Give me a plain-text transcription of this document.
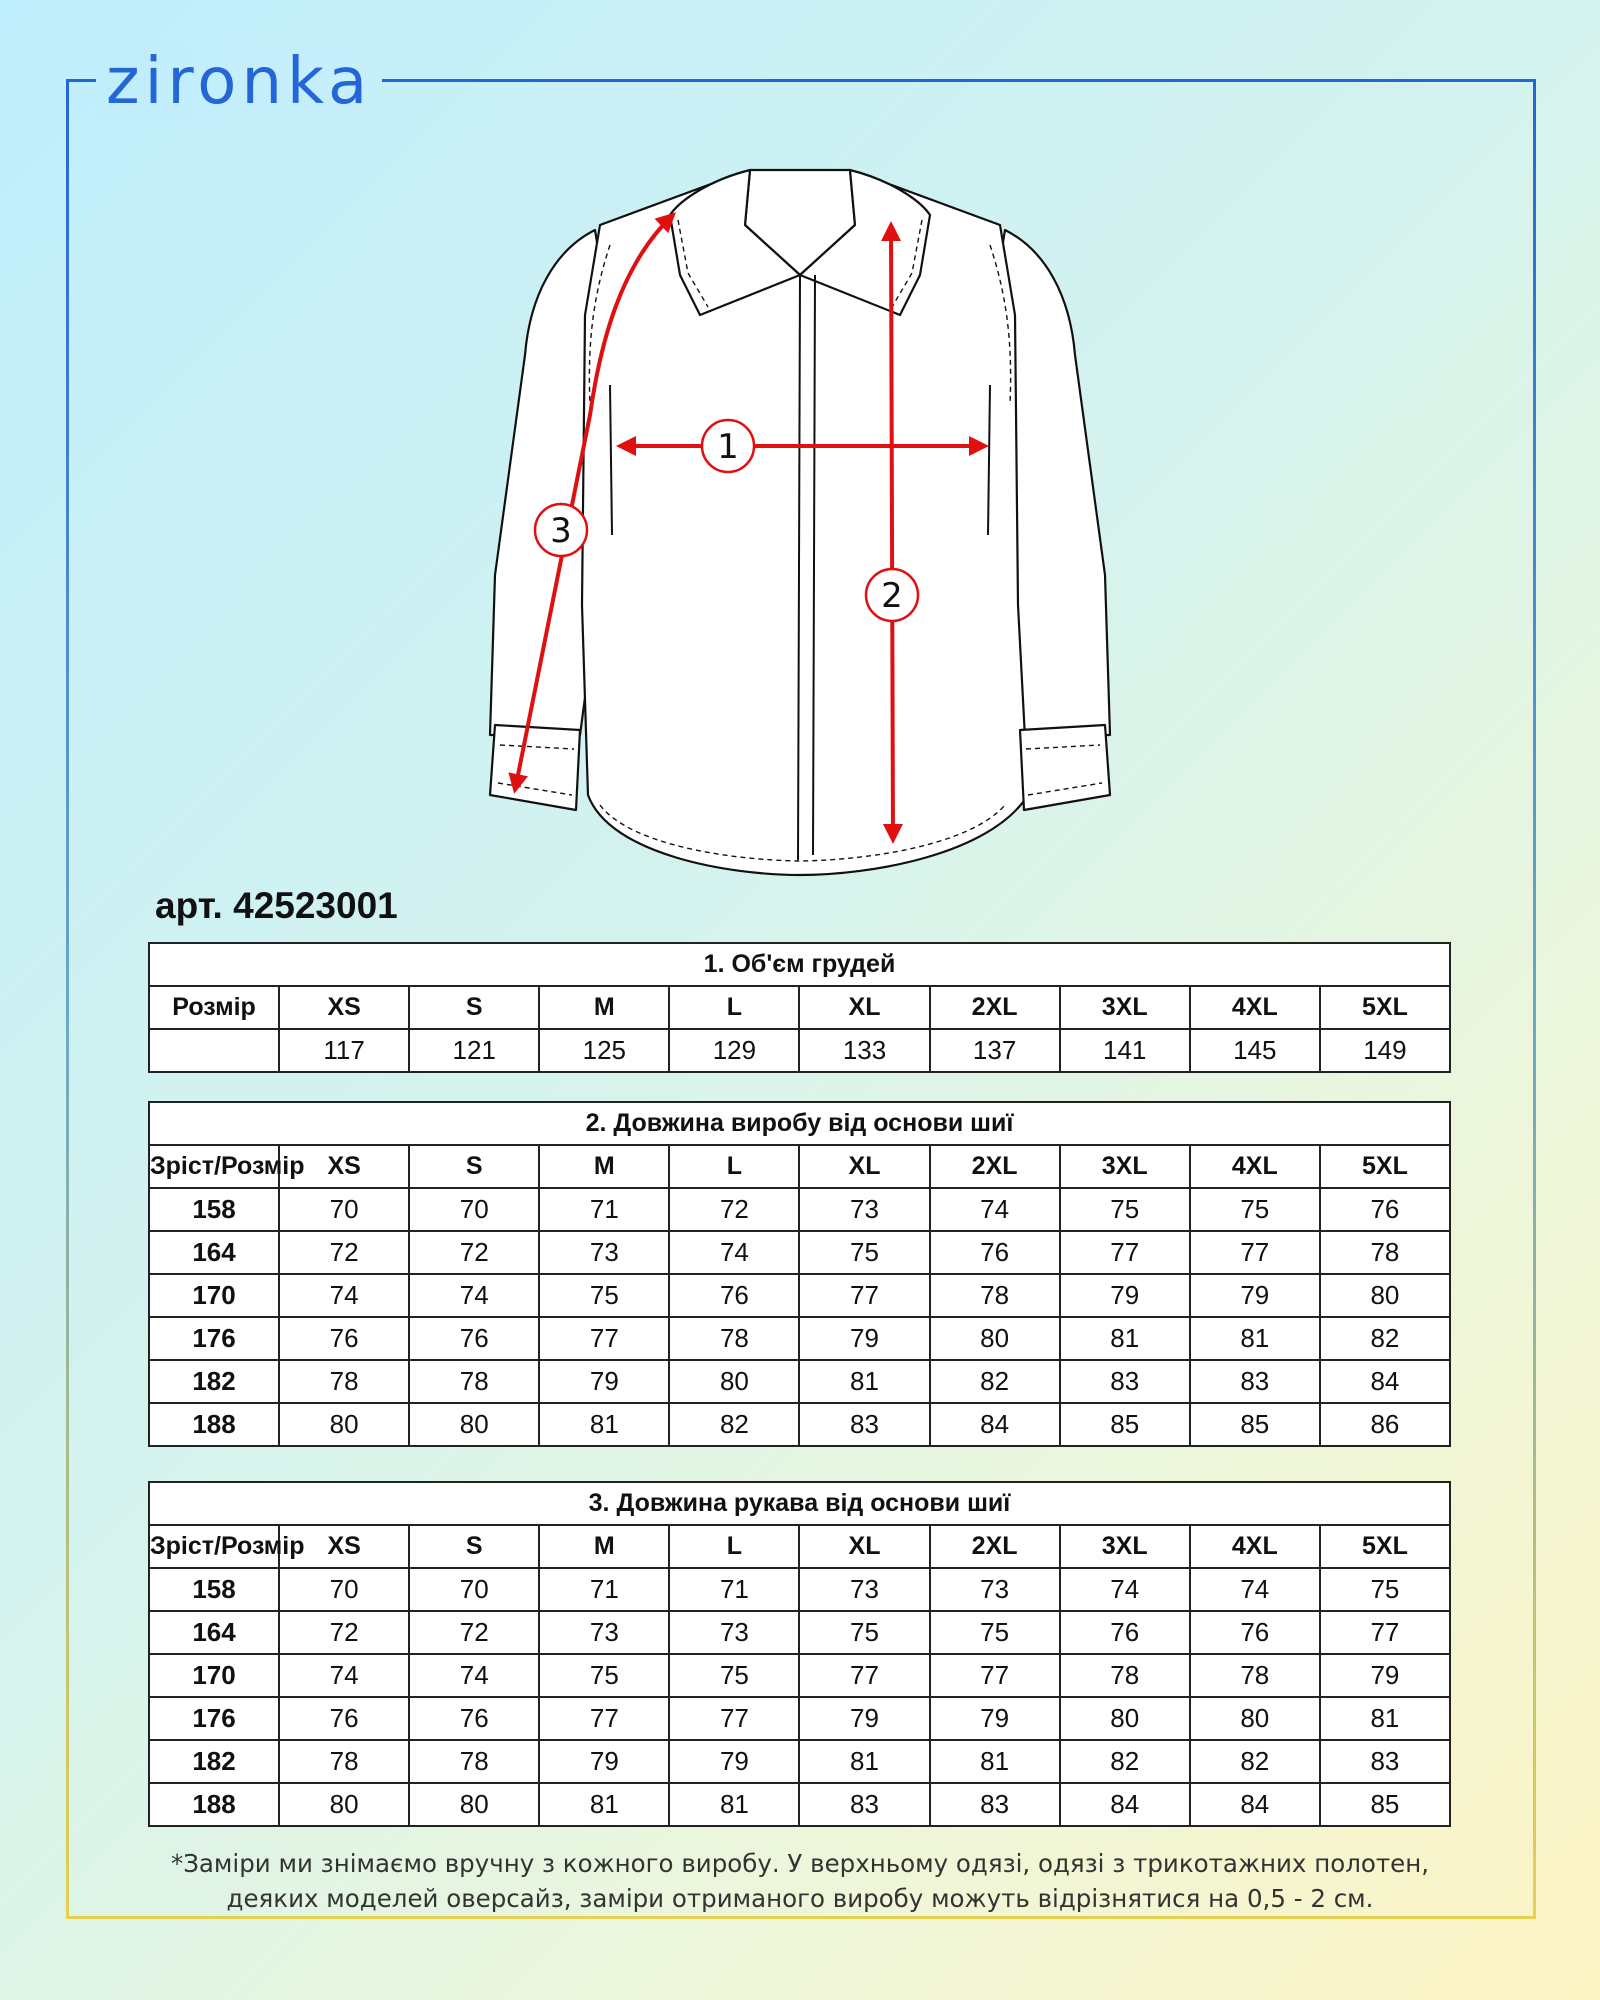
zironka
1
2
3
арт. 42523001
1. Об'єм грудей									
Розмір	XS	S	M	L	XL	2XL	3XL	4XL	5XL
	117	121	125	129	133	137	141	145	149
2. Довжина виробу від основи шиї									
Зріст/Розмір	XS	S	M	L	XL	2XL	3XL	4XL	5XL
158	70	70	71	72	73	74	75	75	76
164	72	72	73	74	75	76	77	77	78
170	74	74	75	76	77	78	79	79	80
176	76	76	77	78	79	80	81	81	82
182	78	78	79	80	81	82	83	83	84
188	80	80	81	82	83	84	85	85	86
3. Довжина рукава від основи шиї									
Зріст/Розмір	XS	S	M	L	XL	2XL	3XL	4XL	5XL
158	70	70	71	71	73	73	74	74	75
164	72	72	73	73	75	75	76	76	77
170	74	74	75	75	77	77	78	78	79
176	76	76	77	77	79	79	80	80	81
182	78	78	79	79	81	81	82	82	83
188	80	80	81	81	83	83	84	84	85
*Заміри ми знімаємо вручну з кожного виробу. У верхньому одязі, одязі з трикотажних полотен,
деяких моделей оверсайз, заміри отриманого виробу можуть відрізнятися на 0,5 - 2 см.
